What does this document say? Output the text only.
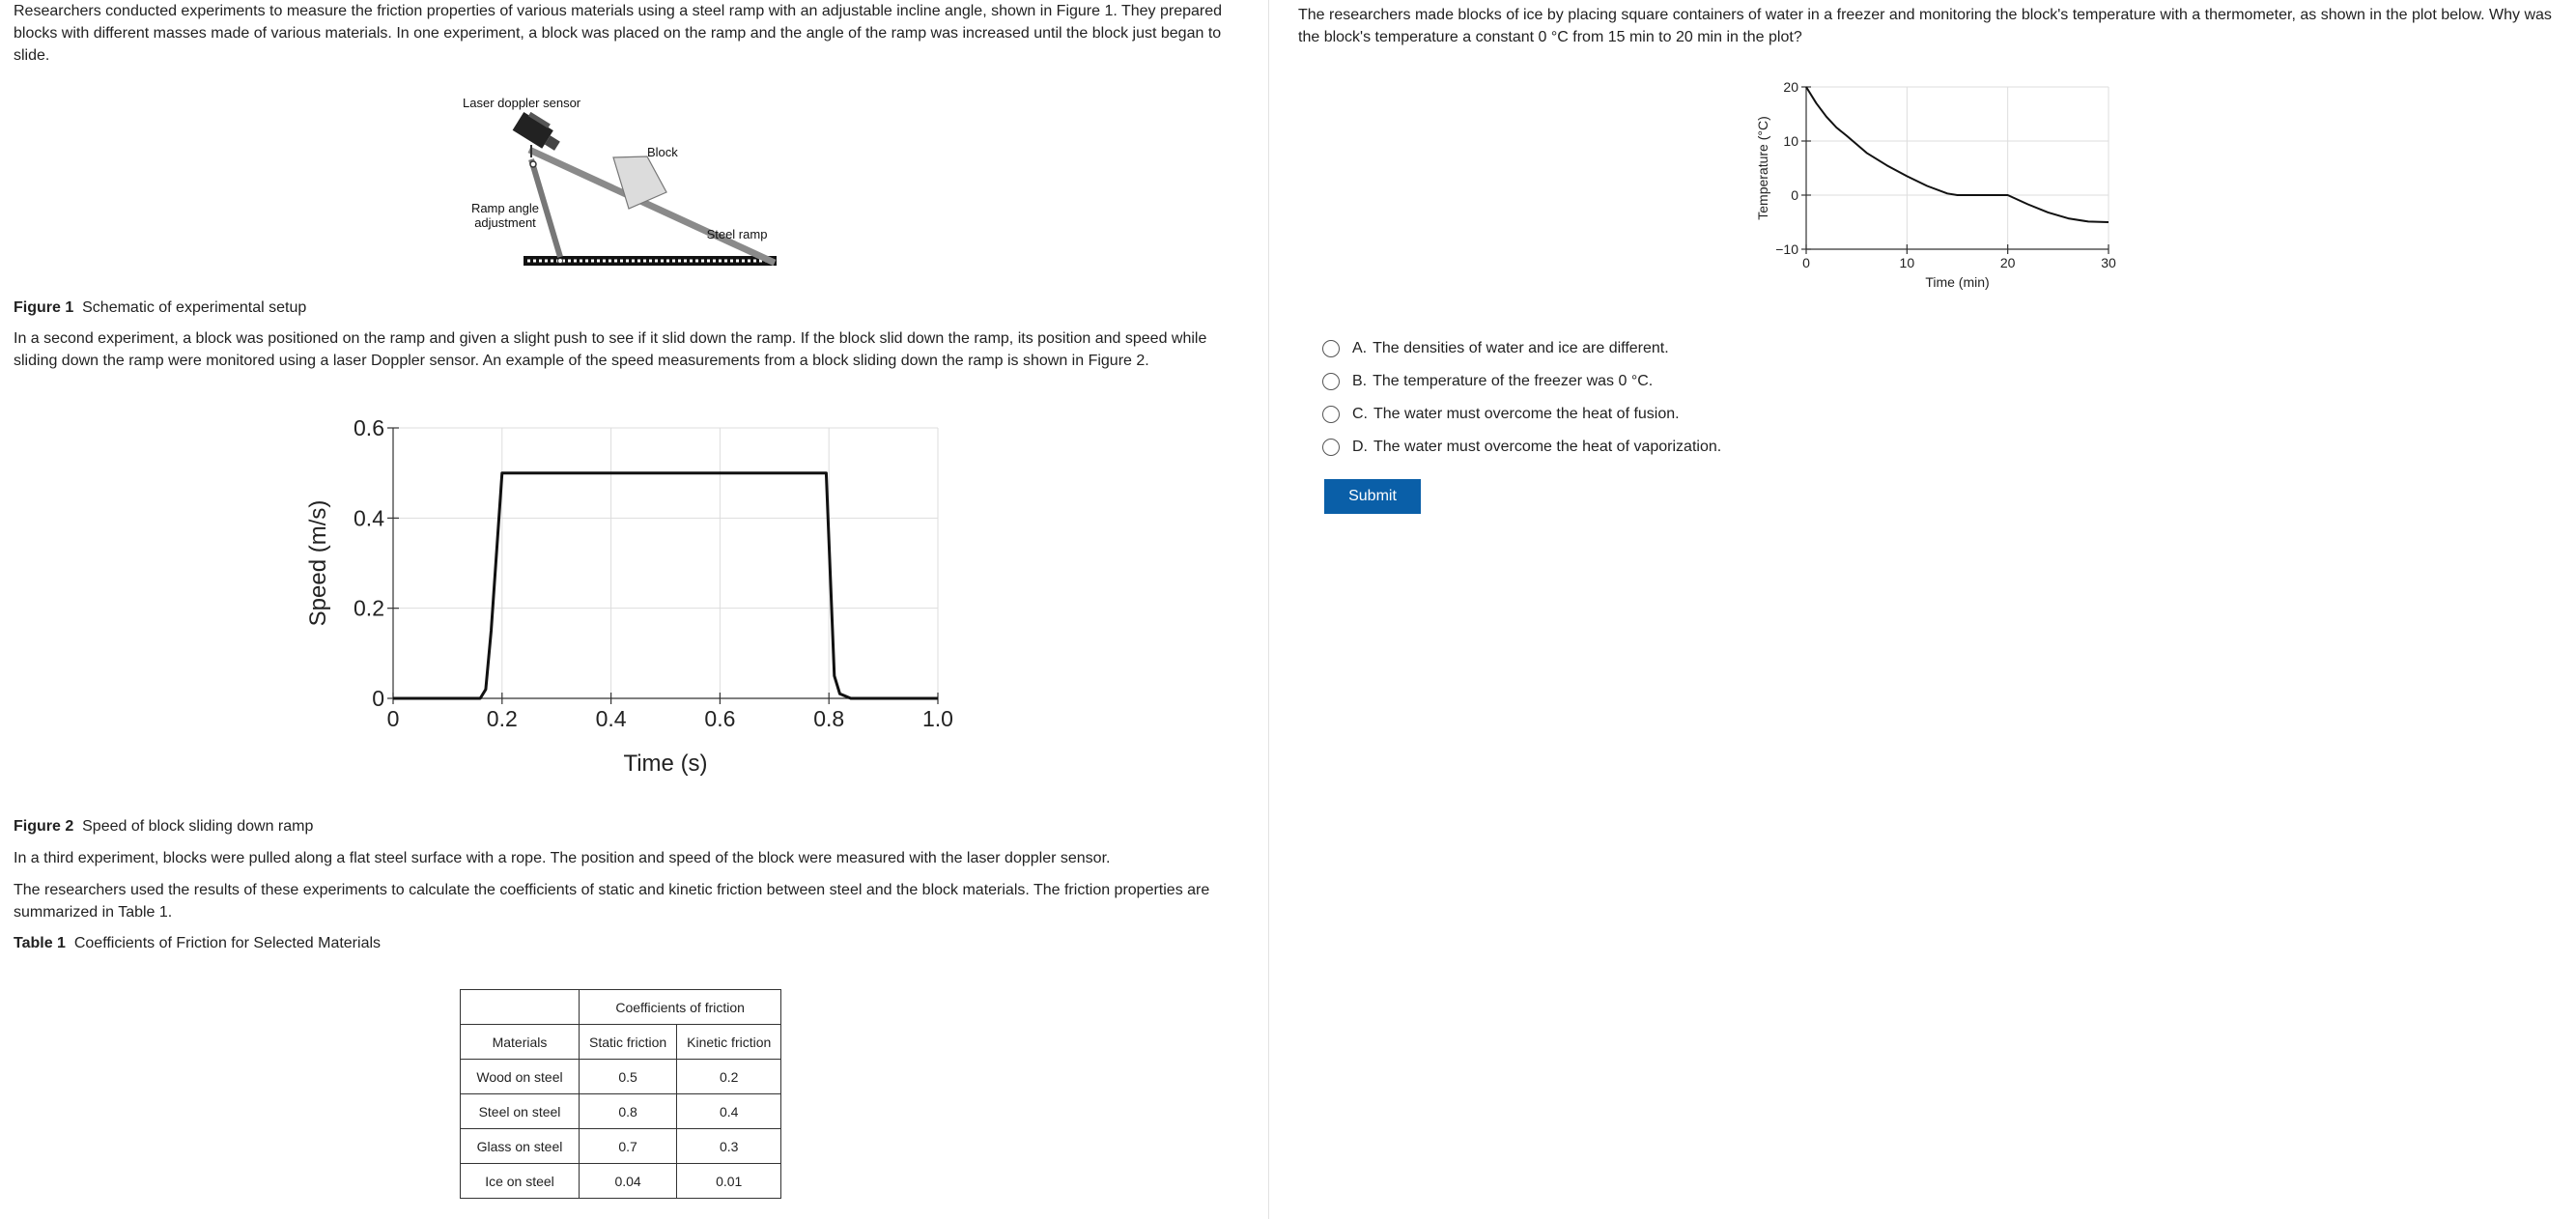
Researchers conducted experiments to measure the friction properties of various materials using a steel ramp with an adjustable incline angle, shown in Figure 1. They prepared blocks with different masses made of various materials. In one experiment, a block was placed on the ramp and the angle of the ramp was increased until the block just began to slide.

Laser doppler sensor
Block
Ramp angle
adjustment
Steel ramp

Figure 1 Schematic of experimental setup

In a second experiment, a block was positioned on the ramp and given a slight push to see if it slid down the ramp. If the block slid down the ramp, its position and speed while sliding down the ramp were monitored using a laser Doppler sensor. An example of the speed measurements from a block sliding down the ramp is shown in Figure 2.

0	0.2	0.4	0.6	0.8	1.0
0
0.2
0.4
0.6
Time (s)
Speed (m/s)

Figure 2 Speed of block sliding down ramp

In a third experiment, blocks were pulled along a flat steel surface with a rope. The position and speed of the block were measured with the laser doppler sensor.

The researchers used the results of these experiments to calculate the coefficients of static and kinetic friction between steel and the block materials. The friction properties are summarized in Table 1.

Table 1 Coefficients of Friction for Selected Materials

	Coefficients of friction	
Materials	Static friction	Kinetic friction
Wood on steel	0.5	0.2
Steel on steel	0.8	0.4
Glass on steel	0.7	0.3
Ice on steel	0.04	0.01

The researchers made blocks of ice by placing square containers of water in a freezer and monitoring the block's temperature with a thermometer, as shown in the plot below. Why was the block's temperature a constant 0 °C from 15 min to 20 min in the plot?

0	10	20	30
−10
0
10
20
Time (min)
Temperature (°C)
A. The densities of water and ice are different.
B. The temperature of the freezer was 0 °C.
C. The water must overcome the heat of fusion.
D. The water must overcome the heat of vaporization.
Submit
